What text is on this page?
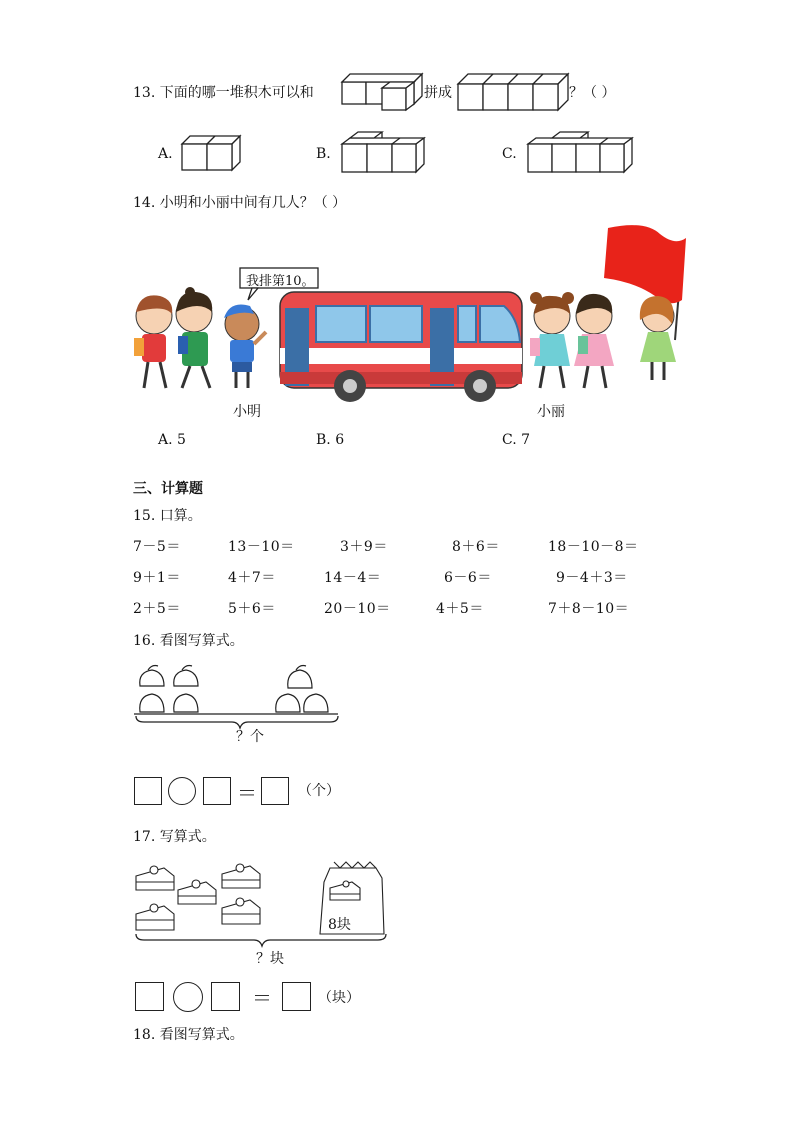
13. 下面的哪一堆积木可以和	拼成	？（ ）
A.	B.	C.
14. 小明和小丽中间有几人？（ ）
我排第10。
小明	小丽
A. 5	B. 6	C. 7
三、计算题
15. 口算。
7－5＝	13－10＝	3＋9＝	8＋6＝	18－10－8＝
9＋1＝	4＋7＝	14－4＝	6－6＝	9－4＋3＝
2＋5＝	5＋6＝	20－10＝	4＋5＝	7＋8－10＝
16. 看图写算式。
？个
＝	（个）
17. 写算式。
8块
？块
＝	（块）
18. 看图写算式。
